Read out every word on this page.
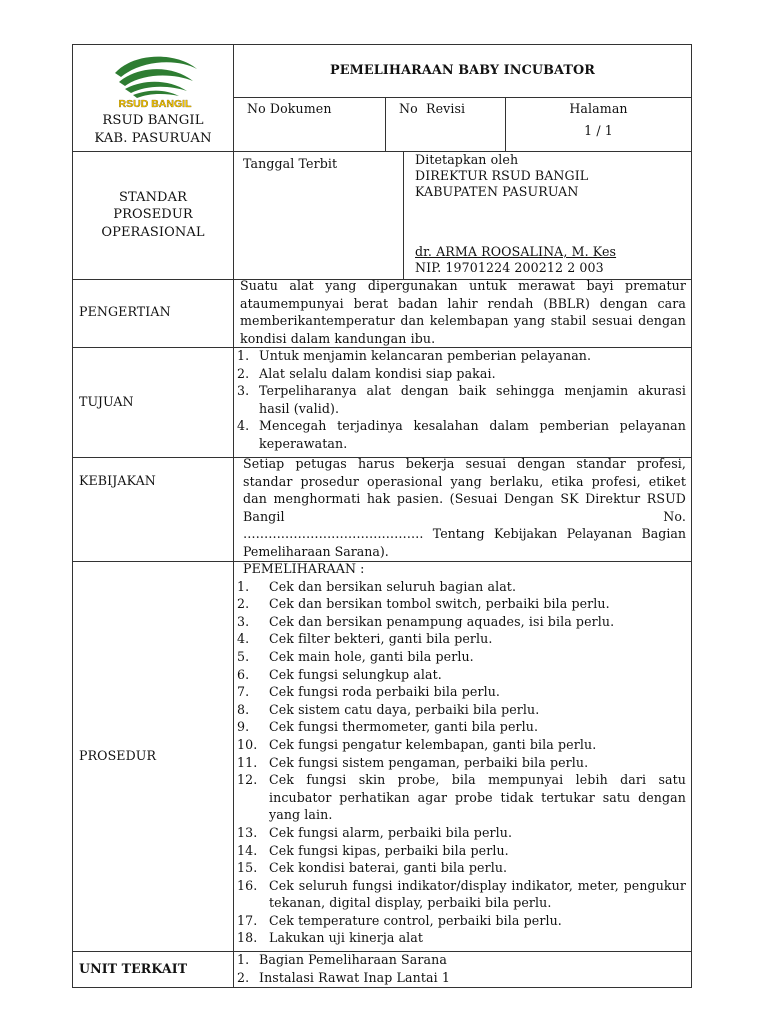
RSUD BANGIL
RSUD BANGIL
KAB. PASURUAN
PEMELIHARAAN BABY INCUBATOR
No Dokumen	No  Revisi	Halaman
1 / 1
STANDAR
PROSEDUR
OPERASIONAL
Tanggal Terbit	Ditetapkan oleh
DIREKTUR RSUD BANGIL
KABUPATEN PASURUAN
dr. ARMA ROOSALINA, M. Kes
NIP. 19701224 200212 2 003
PENGERTIAN
Suatu alat yang dipergunakan untuk merawat bayi prematur ataumempunyai berat badan lahir rendah (BBLR) dengan cara memberikantemperatur dan kelembapan yang stabil sesuai dengan kondisi dalam kandungan ibu.
TUJUAN
1. Untuk menjamin kelancaran pemberian pelayanan.
2. Alat selalu dalam kondisi siap pakai.
3. Terpeliharanya alat dengan baik sehingga menjamin akurasi hasil (valid).
4. Mencegah terjadinya kesalahan dalam pemberian pelayanan keperawatan.
KEBIJAKAN
Setiap petugas harus bekerja sesuai dengan standar profesi, standar prosedur operasional yang berlaku, etika profesi, etiket dan menghormati hak pasien. (Sesuai Dengan SK Direktur RSUD Bangil No.
……………………………………. Tentang Kebijakan Pelayanan Bagian Pemeliharaan Sarana).
PROSEDUR
PEMELIHARAAN :
1.	Cek dan bersikan seluruh bagian alat.
2.	Cek dan bersikan tombol switch, perbaiki bila perlu.
3.	Cek dan bersikan penampung aquades, isi bila perlu.
4.	Cek filter bekteri, ganti bila perlu.
5.	Cek main hole, ganti bila perlu.
6.	Cek fungsi selungkup alat.
7.	Cek fungsi roda perbaiki bila perlu.
8.	Cek sistem catu daya, perbaiki bila perlu.
9.	Cek fungsi thermometer, ganti bila perlu.
10. Cek fungsi pengatur kelembapan, ganti bila perlu.
11. Cek fungsi sistem pengaman, perbaiki bila perlu.
12. Cek fungsi skin probe, bila mempunyai lebih dari satu incubator perhatikan agar probe tidak tertukar satu dengan yang lain.
13. Cek fungsi alarm, perbaiki bila perlu.
14. Cek fungsi kipas, perbaiki bila perlu.
15. Cek kondisi baterai, ganti bila perlu.
16. Cek seluruh fungsi indikator/display indikator, meter, pengukur tekanan, digital display, perbaiki bila perlu.
17. Cek temperature control, perbaiki bila perlu.
18. Lakukan uji kinerja alat
UNIT TERKAIT
1. Bagian Pemeliharaan Sarana
2. Instalasi Rawat Inap Lantai 1
